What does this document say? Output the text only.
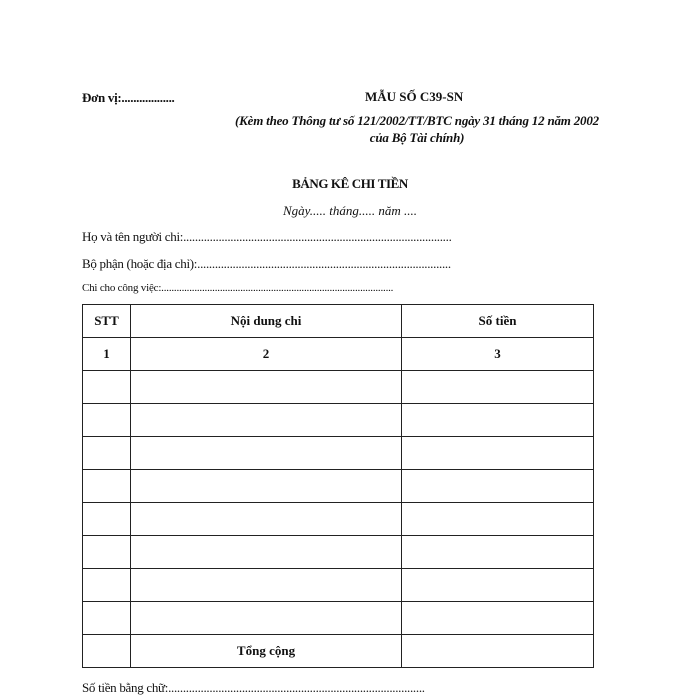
Đơn vị:..................	MẪU SỐ C39-SN
(Kèm theo Thông tư số 121/2002/TT/BTC ngày 31 tháng 12 năm 2002 của Bộ Tài chính)
BẢNG KÊ CHI TIỀN
Ngày..... tháng..... năm ....
Họ và tên người chi:...........................................................................................
Bộ phận (hoặc địa chỉ):......................................................................................
Chi cho công việc:...........................................................................................
STT	Nội dung chi	Số tiền
1	2	3

	Tổng cộng	
Số tiền bằng chữ:.......................................................................................
